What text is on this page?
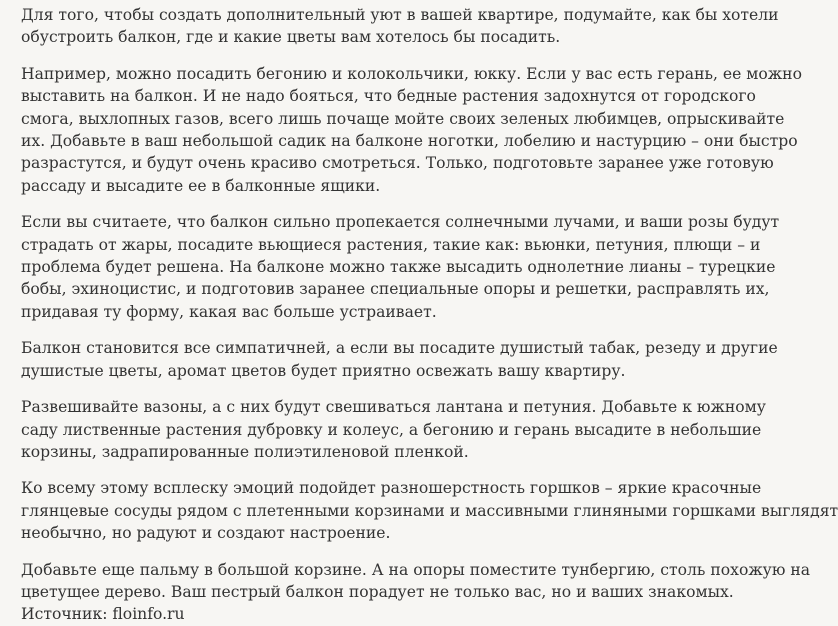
Для того, чтобы создать дополнительный уют в вашей квартире, подумайте, как бы хотели
обустроить балкон, где и какие цветы вам хотелось бы посадить.

Например, можно посадить бегонию и колокольчики, юкку. Если у вас есть герань, ее можно
выставить на балкон. И не надо бояться, что бедные растения задохнутся от городского
смога, выхлопных газов, всего лишь почаще мойте своих зеленых любимцев, опрыскивайте
их. Добавьте в ваш небольшой садик на балконе ноготки, лобелию и настурцию – они быстро
разрастутся, и будут очень красиво смотреться. Только, подготовьте заранее уже готовую
рассаду и высадите ее в балконные ящики.

Если вы считаете, что балкон сильно пропекается солнечными лучами, и ваши розы будут
страдать от жары, посадите вьющиеся растения, такие как: вьюнки, петуния, плющи – и
проблема будет решена. На балконе можно также высадить однолетние лианы – турецкие
бобы, эхиноцистис, и подготовив заранее специальные опоры и решетки, расправлять их,
придавая ту форму, какая вас больше устраивает.

Балкон становится все симпатичней, а если вы посадите душистый табак, резеду и другие
душистые цветы, аромат цветов будет приятно освежать вашу квартиру.

Развешивайте вазоны, а с них будут свешиваться лантана и петуния. Добавьте к южному
саду лиственные растения дубровку и колеус, а бегонию и герань высадите в небольшие
корзины, задрапированные полиэтиленовой пленкой.

Ко всему этому всплеску эмоций подойдет разношерстность горшков – яркие красочные
глянцевые сосуды рядом с плетенными корзинами и массивными глиняными горшками выглядят
необычно, но радуют и создают настроение.

Добавьте еще пальму в большой корзине. А на опоры поместите тунбергию, столь похожую на
цветущее дерево. Ваш пестрый балкон порадует не только вас, но и ваших знакомых.
Источник: floinfo.ru
